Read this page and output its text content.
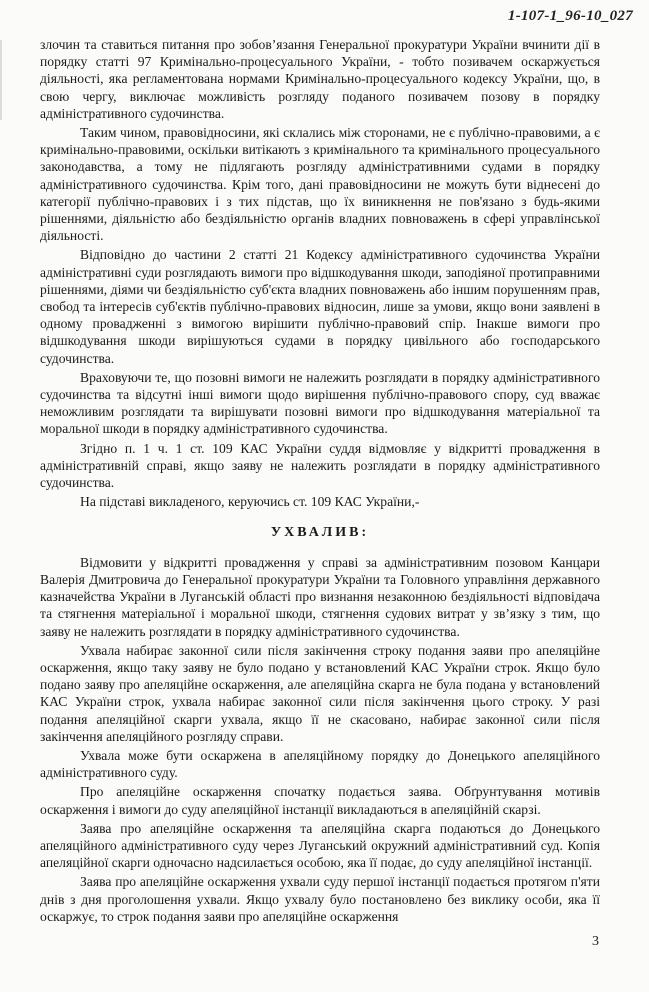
1-107-1_96-10_027

злочин та ставиться питання про зобов’язання Генеральної прокуратури України вчинити дії в порядку статті 97 Кримінально-процесуального України, - тобто позивачем оскаржується діяльності, яка регламентована нормами Кримінально-процесуального кодексу України, що, в свою чергу, виключає можливість розгляду поданого позивачем позову в порядку адміністративного судочинства.

Таким чином, правовідносини, які склались між сторонами, не є публічно-правовими, а є кримінально-правовими, оскільки витікають з кримінального та кримінального процесуального законодавства, а тому не підлягають розгляду адміністративними судами в порядку адміністративного судочинства. Крім того, дані правовідносини не можуть бути віднесені до категорії публічно-правових і з тих підстав, що їх виникнення не пов'язано з будь-якими рішеннями, діяльністю або бездіяльністю органів владних повноважень в сфері управлінської діяльності.

Відповідно до частини 2 статті 21 Кодексу адміністративного судочинства України адміністративні суди розглядають вимоги про відшкодування шкоди, заподіяної протиправними рішеннями, діями чи бездіяльністю суб'єкта владних повноважень або іншим порушенням прав, свобод та інтересів суб'єктів публічно-правових відносин, лише за умови, якщо вони заявлені в одному провадженні з вимогою вирішити публічно-правовий спір. Інакше вимоги про відшкодування шкоди вирішуються судами в порядку цивільного або господарського судочинства.

Враховуючи те, що позовні вимоги не належить розглядати в порядку адміністративного судочинства та відсутні інші вимоги щодо вирішення публічно-правового спору, суд вважає неможливим розглядати та вирішувати позовні вимоги про відшкодування матеріальної та моральної шкоди в порядку адміністративного судочинства.

Згідно п. 1 ч. 1 ст. 109 КАС України суддя відмовляє у відкритті провадження в адміністративній справі, якщо заяву не належить розглядати в порядку адміністративного судочинства.

На підставі викладеного, керуючись ст. 109 КАС України,-

УХВАЛИВ:

Відмовити у відкритті провадження у справі за адміністративним позовом Канцари Валерія Дмитровича до Генеральної прокуратури України та Головного управління державного казначейства України в Луганській області про визнання незаконною бездіяльності відповідача та стягнення матеріальної і моральної шкоди, стягнення судових витрат у зв’язку з тим, що заяву не належить розглядати в порядку адміністративного судочинства.

Ухвала набирає законної сили після закінчення строку подання заяви про апеляційне оскарження, якщо таку заяву не було подано у встановлений КАС України строк. Якщо було подано заяву про апеляційне оскарження, але апеляційна скарга не була подана у встановлений КАС України строк, ухвала набирає законної сили після закінчення цього строку. У разі подання апеляційної скарги ухвала, якщо її не скасовано, набирає законної сили після закінчення апеляційного розгляду справи.

Ухвала може бути оскаржена в апеляційному порядку до Донецького апеляційного адміністративного суду.

Про апеляційне оскарження спочатку подається заява. Обґрунтування мотивів оскарження і вимоги до суду апеляційної інстанції викладаються в апеляційній скарзі.

Заява про апеляційне оскарження та апеляційна скарга подаються до Донецького апеляційного адміністративного суду через Луганський окружний адміністративний суд. Копія апеляційної скарги одночасно надсилається особою, яка її подає, до суду апеляційної інстанції.

Заява про апеляційне оскарження ухвали суду першої інстанції подається протягом п'яти днів з дня проголошення ухвали. Якщо ухвалу було постановлено без виклику особи, яка її оскаржує, то строк подання заяви про апеляційне оскарження

3
